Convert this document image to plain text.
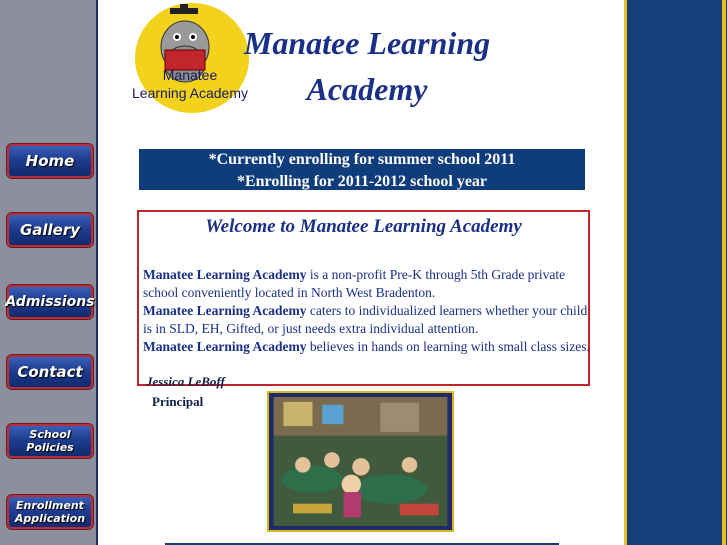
Home
Gallery
Admissions
Contact
School
Policies
Enrollment
Application
Manatee
Learning Academy
Manatee Learning Academy
*Currently enrolling for summer school 2011
*Enrolling for 2011-2012 school year
Welcome to Manatee Learning Academy
Manatee Learning Academy is a non-profit Pre-K through 5th Grade private school conveniently located in North West Bradenton.
Manatee Learning Academy caters to individualized learners whether your child is in SLD, EH, Gifted, or just needs extra individual attention.
Manatee Learning Academy believes in hands on learning with small class sizes.
Jessica LeBoff
Principal
